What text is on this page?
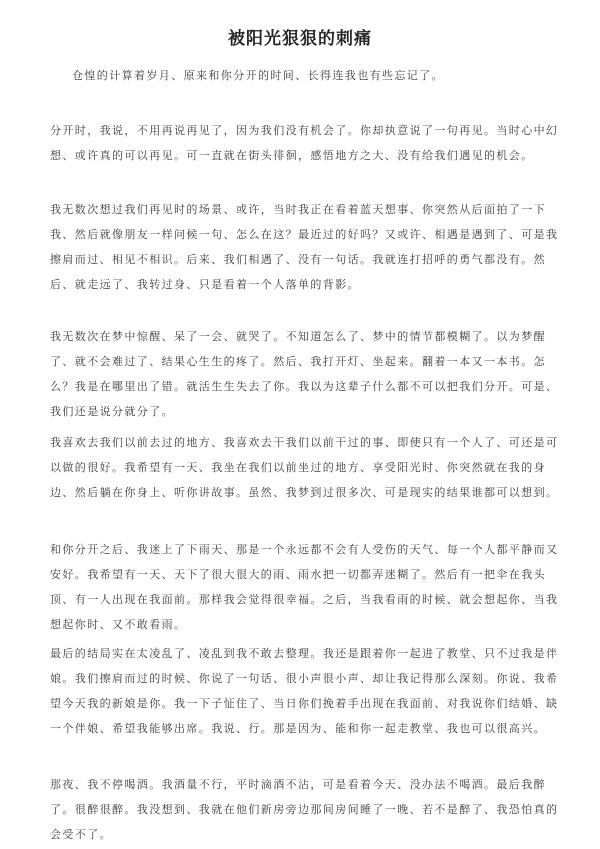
被阳光狠狠的刺痛
仓惶的计算着岁月、原来和你分开的时间、长得连我也有些忘记了。
分开时，我说，不用再说再见了，因为我们没有机会了。你却执意说了一句再见。当时心中幻想、或许真的可以再见。可一直就在街头徘徊，感悟地方之大、没有给我们遇见的机会。
我无数次想过我们再见时的场景、或许，当时我正在看着蓝天想事、你突然从后面拍了一下我、然后就像朋友一样问候一句、怎么在这？最近过的好吗？又或许、相遇是遇到了、可是我擦肩而过、相见不相识。后来、我们相遇了、没有一句话。我就连打招呼的勇气都没有。然后、就走远了、我转过身、只是看着一个人落单的背影。
我无数次在梦中惊醒、呆了一会、就哭了。不知道怎么了、梦中的情节都模糊了。以为梦醒了、就不会难过了、结果心生生的疼了。然后、我打开灯、坐起来。翻着一本又一本书。怎么？我是在哪里出了错。就活生生失去了你。我以为这辈子什么都不可以把我们分开。可是、我们还是说分就分了。
我喜欢去我们以前去过的地方、我喜欢去干我们以前干过的事、即使只有一个人了、可还是可以做的很好。我希望有一天、我坐在我们以前坐过的地方、享受阳光时、你突然就在我的身边、然后躺在你身上、听你讲故事。虽然、我梦到过很多次、可是现实的结果谁都可以想到。
和你分开之后、我迷上了下雨天、那是一个永远都不会有人受伤的天气、每一个人都平静而又安好。我希望有一天、天下了很大很大的雨、雨水把一切都弄迷糊了。然后有一把伞在我头顶、有一人出现在我面前。那样我会觉得很幸福。之后，当我看雨的时候、就会想起你、当我想起你时、又不敢看雨。
最后的结局实在太凌乱了、凌乱到我不敢去整理。我还是跟着你一起进了教堂、只不过我是伴娘。我们擦肩而过的时候、你说了一句话、很小声很小声、却让我记得那么深刻。你说、我希望今天我的新娘是你。我一下子怔住了、当日你们挽着手出现在我面前、对我说你们结婚、缺一个伴娘、希望我能够出席。我说、行。那是因为、能和你一起走教堂、我也可以很高兴。
那夜、我不停喝酒。我酒量不行，平时滴酒不沾，可是看着今天、没办法不喝酒。最后我醉了。很醉很醉。我没想到、我就在他们新房旁边那间房间睡了一晚、若不是醉了、我恐怕真的会受不了。
